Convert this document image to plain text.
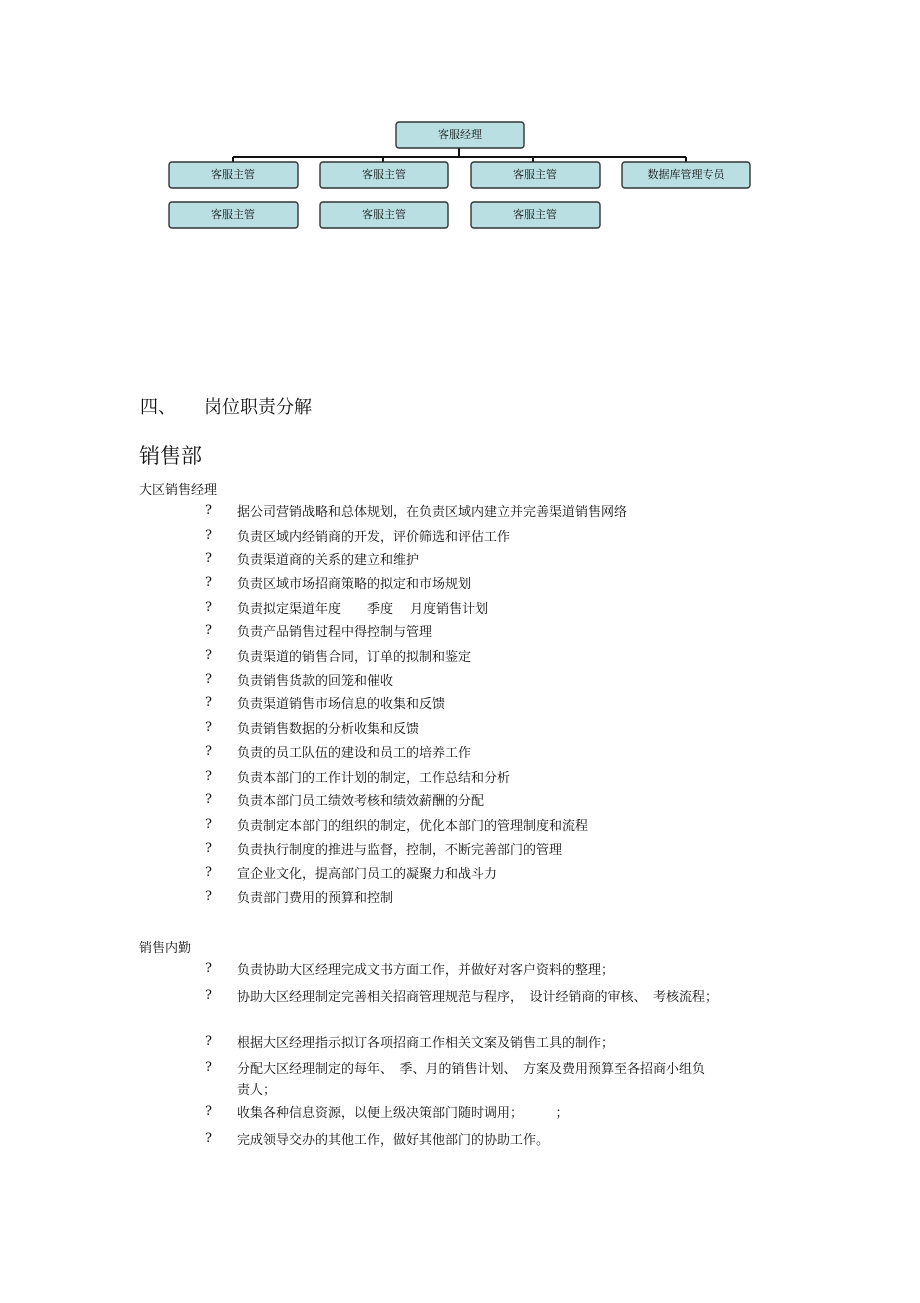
客服经理
客服主管	客服主管	客服主管	数据库管理专员
客服主管	客服主管	客服主管
四、 岗位职责分解
销售部
大区销售经理
? 据公司营销战略和总体规划，在负责区域内建立并完善渠道销售网络
? 负责区域内经销商的开发，评价筛选和评估工作
? 负责渠道商的关系的建立和维护
? 负责区域市场招商策略的拟定和市场规划
? 负责拟定渠道年度　　季度　 月度销售计划
? 负责产品销售过程中得控制与管理
? 负责渠道的销售合同，订单的拟制和鉴定
? 负责销售货款的回笼和催收
? 负责渠道销售市场信息的收集和反馈
? 负责销售数据的分析收集和反馈
? 负责的员工队伍的建设和员工的培养工作
? 负责本部门的工作计划的制定，工作总结和分析
? 负责本部门员工绩效考核和绩效薪酬的分配
? 负责制定本部门的组织的制定，优化本部门的管理制度和流程
? 负责执行制度的推进与监督，控制，不断完善部门的管理
? 宣企业文化，提高部门员工的凝聚力和战斗力
? 负责部门费用的预算和控制
销售内勤
? 负责协助大区经理完成文书方面工作，并做好对客户资料的整理；
? 协助大区经理制定完善相关招商管理规范与程序，　设计经销商的审核、　考核流程；
? 根据大区经理指示拟订各项招商工作相关文案及销售工具的制作；
? 分配大区经理制定的每年、　季、月的销售计划、　方案及费用预算至各招商小组负
责人；
? 收集各种信息资源，以便上级决策部门随时调用；　　　；
? 完成领导交办的其他工作，做好其他部门的协助工作。
